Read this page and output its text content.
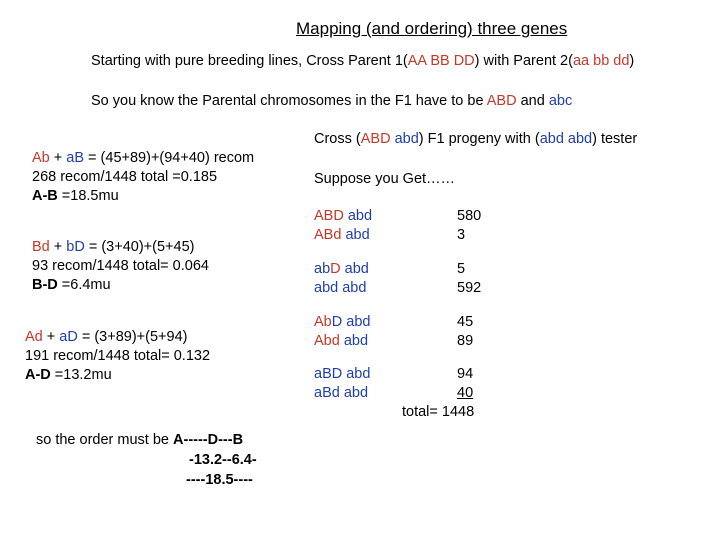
Mapping (and ordering) three genes
Starting with pure breeding lines, Cross Parent 1(AA BB DD) with Parent 2(aa bb dd)
So you know the Parental chromosomes in the F1 have to be ABD and abc
Ab + aB = (45+89)+(94+40) recom
268 recom/1448 total =0.185
A-B =18.5mu
Bd + bD = (3+40)+(5+45)
93 recom/1448 total= 0.064
B-D =6.4mu
Ad + aD = (3+89)+(5+94)
191 recom/1448 total= 0.132
A-D =13.2mu
so the order must be A-----D---B
-13.2--6.4-
----18.5----
Cross (ABD abd) F1 progeny with (abd abd) tester
Suppose you Get……
ABD abd	580
ABd abd	3
abD abd	5
abd abd	592
AbD abd	45
Abd abd	89
aBD abd	94
aBd abd	40
total= 1448
